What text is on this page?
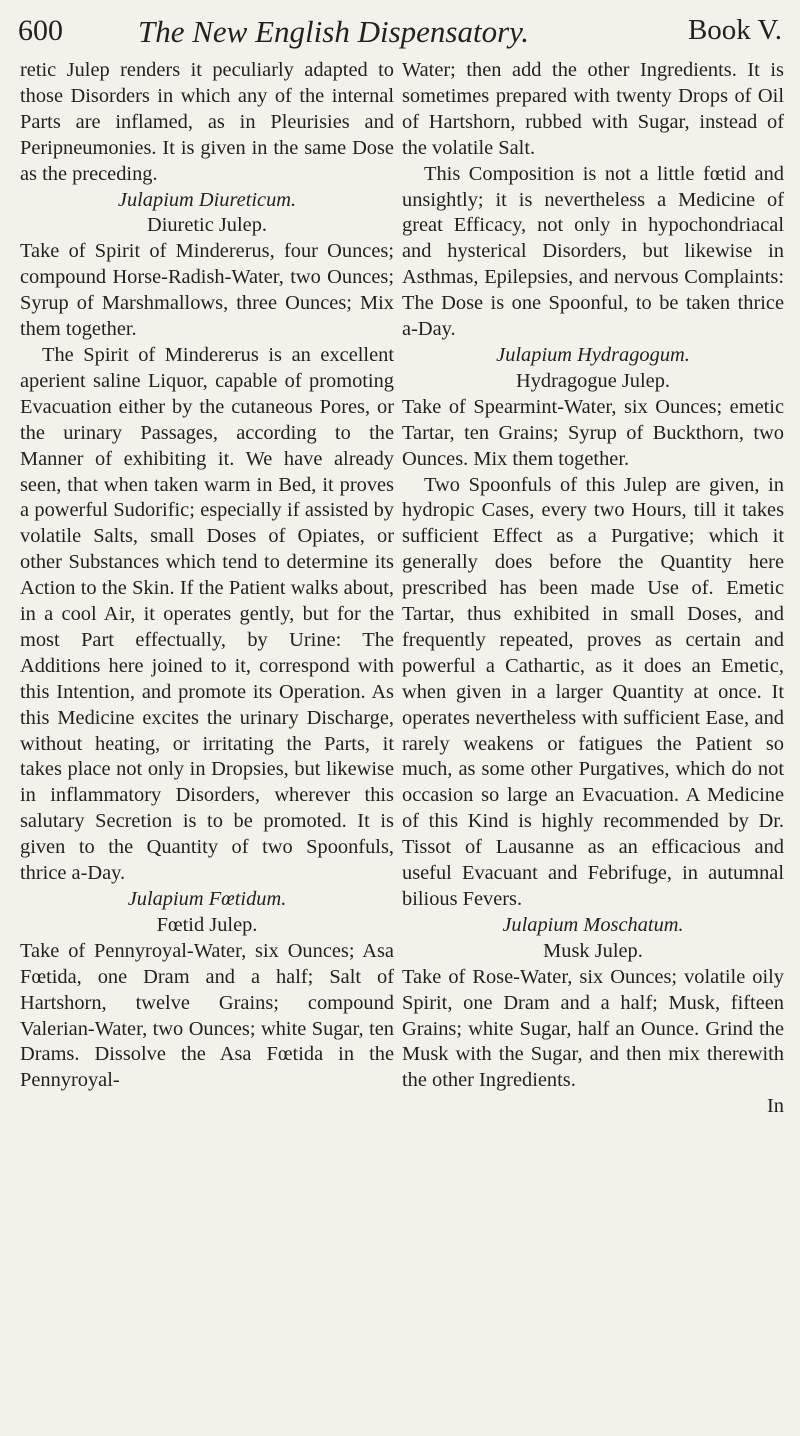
600 The New English Dispensatory.	Book V.

retic Julep renders it peculiarly adapted to those Disorders in which any of the internal Parts are inflamed, as in Pleurisies and Peripneumonies. It is given in the same Dose as the preceding.

Julapium Diureticum.

Diuretic Julep.

Take of Spirit of Mindererus, four Ounces; compound Horse-Radish-Water, two Ounces; Syrup of Marshmallows, three Ounces; Mix them together.

The Spirit of Mindererus is an excellent aperient saline Liquor, capable of promoting Evacuation either by the cutaneous Pores, or the urinary Passages, according to the Manner of exhibiting it. We have already seen, that when taken warm in Bed, it proves a powerful Sudorific; especially if assisted by volatile Salts, small Doses of Opiates, or other Substances which tend to determine its Action to the Skin. If the Patient walks about, in a cool Air, it operates gently, but for the most Part effectually, by Urine: The Additions here joined to it, correspond with this Intention, and promote its Operation. As this Medicine excites the urinary Discharge, without heating, or irritating the Parts, it takes place not only in Dropsies, but likewise in inflammatory Disorders, wherever this salutary Secretion is to be promoted. It is given to the Quantity of two Spoonfuls, thrice a-Day.

Julapium Fœtidum.

Fœtid Julep.

Take of Pennyroyal-Water, six Ounces; Asa Fœtida, one Dram and a half; Salt of Hartshorn, twelve Grains; compound Valerian-Water, two Ounces; white Sugar, ten Drams. Dissolve the Asa Fœtida in the Pennyroyal-

Water; then add the other Ingredients. It is sometimes prepared with twenty Drops of Oil of Hartshorn, rubbed with Sugar, instead of the volatile Salt.

This Composition is not a little fœtid and unsightly; it is nevertheless a Medicine of great Efficacy, not only in hypochondriacal and hysterical Disorders, but likewise in Asthmas, Epilepsies, and nervous Complaints: The Dose is one Spoonful, to be taken thrice a-Day.

Julapium Hydragogum.

Hydragogue Julep.

Take of Spearmint-Water, six Ounces; emetic Tartar, ten Grains; Syrup of Buckthorn, two Ounces. Mix them together.

Two Spoonfuls of this Julep are given, in hydropic Cases, every two Hours, till it takes sufficient Effect as a Purgative; which it generally does before the Quantity here prescribed has been made Use of. Emetic Tartar, thus exhibited in small Doses, and frequently repeated, proves as certain and powerful a Cathartic, as it does an Emetic, when given in a larger Quantity at once. It operates nevertheless with sufficient Ease, and rarely weakens or fatigues the Patient so much, as some other Purgatives, which do not occasion so large an Evacuation. A Medicine of this Kind is highly recommended by Dr. Tissot of Lausanne as an efficacious and useful Evacuant and Febrifuge, in autumnal bilious Fevers.

Julapium Moschatum.

Musk Julep.

Take of Rose-Water, six Ounces; volatile oily Spirit, one Dram and a half; Musk, fifteen Grains; white Sugar, half an Ounce. Grind the Musk with the Sugar, and then mix therewith the other Ingredients.

In
